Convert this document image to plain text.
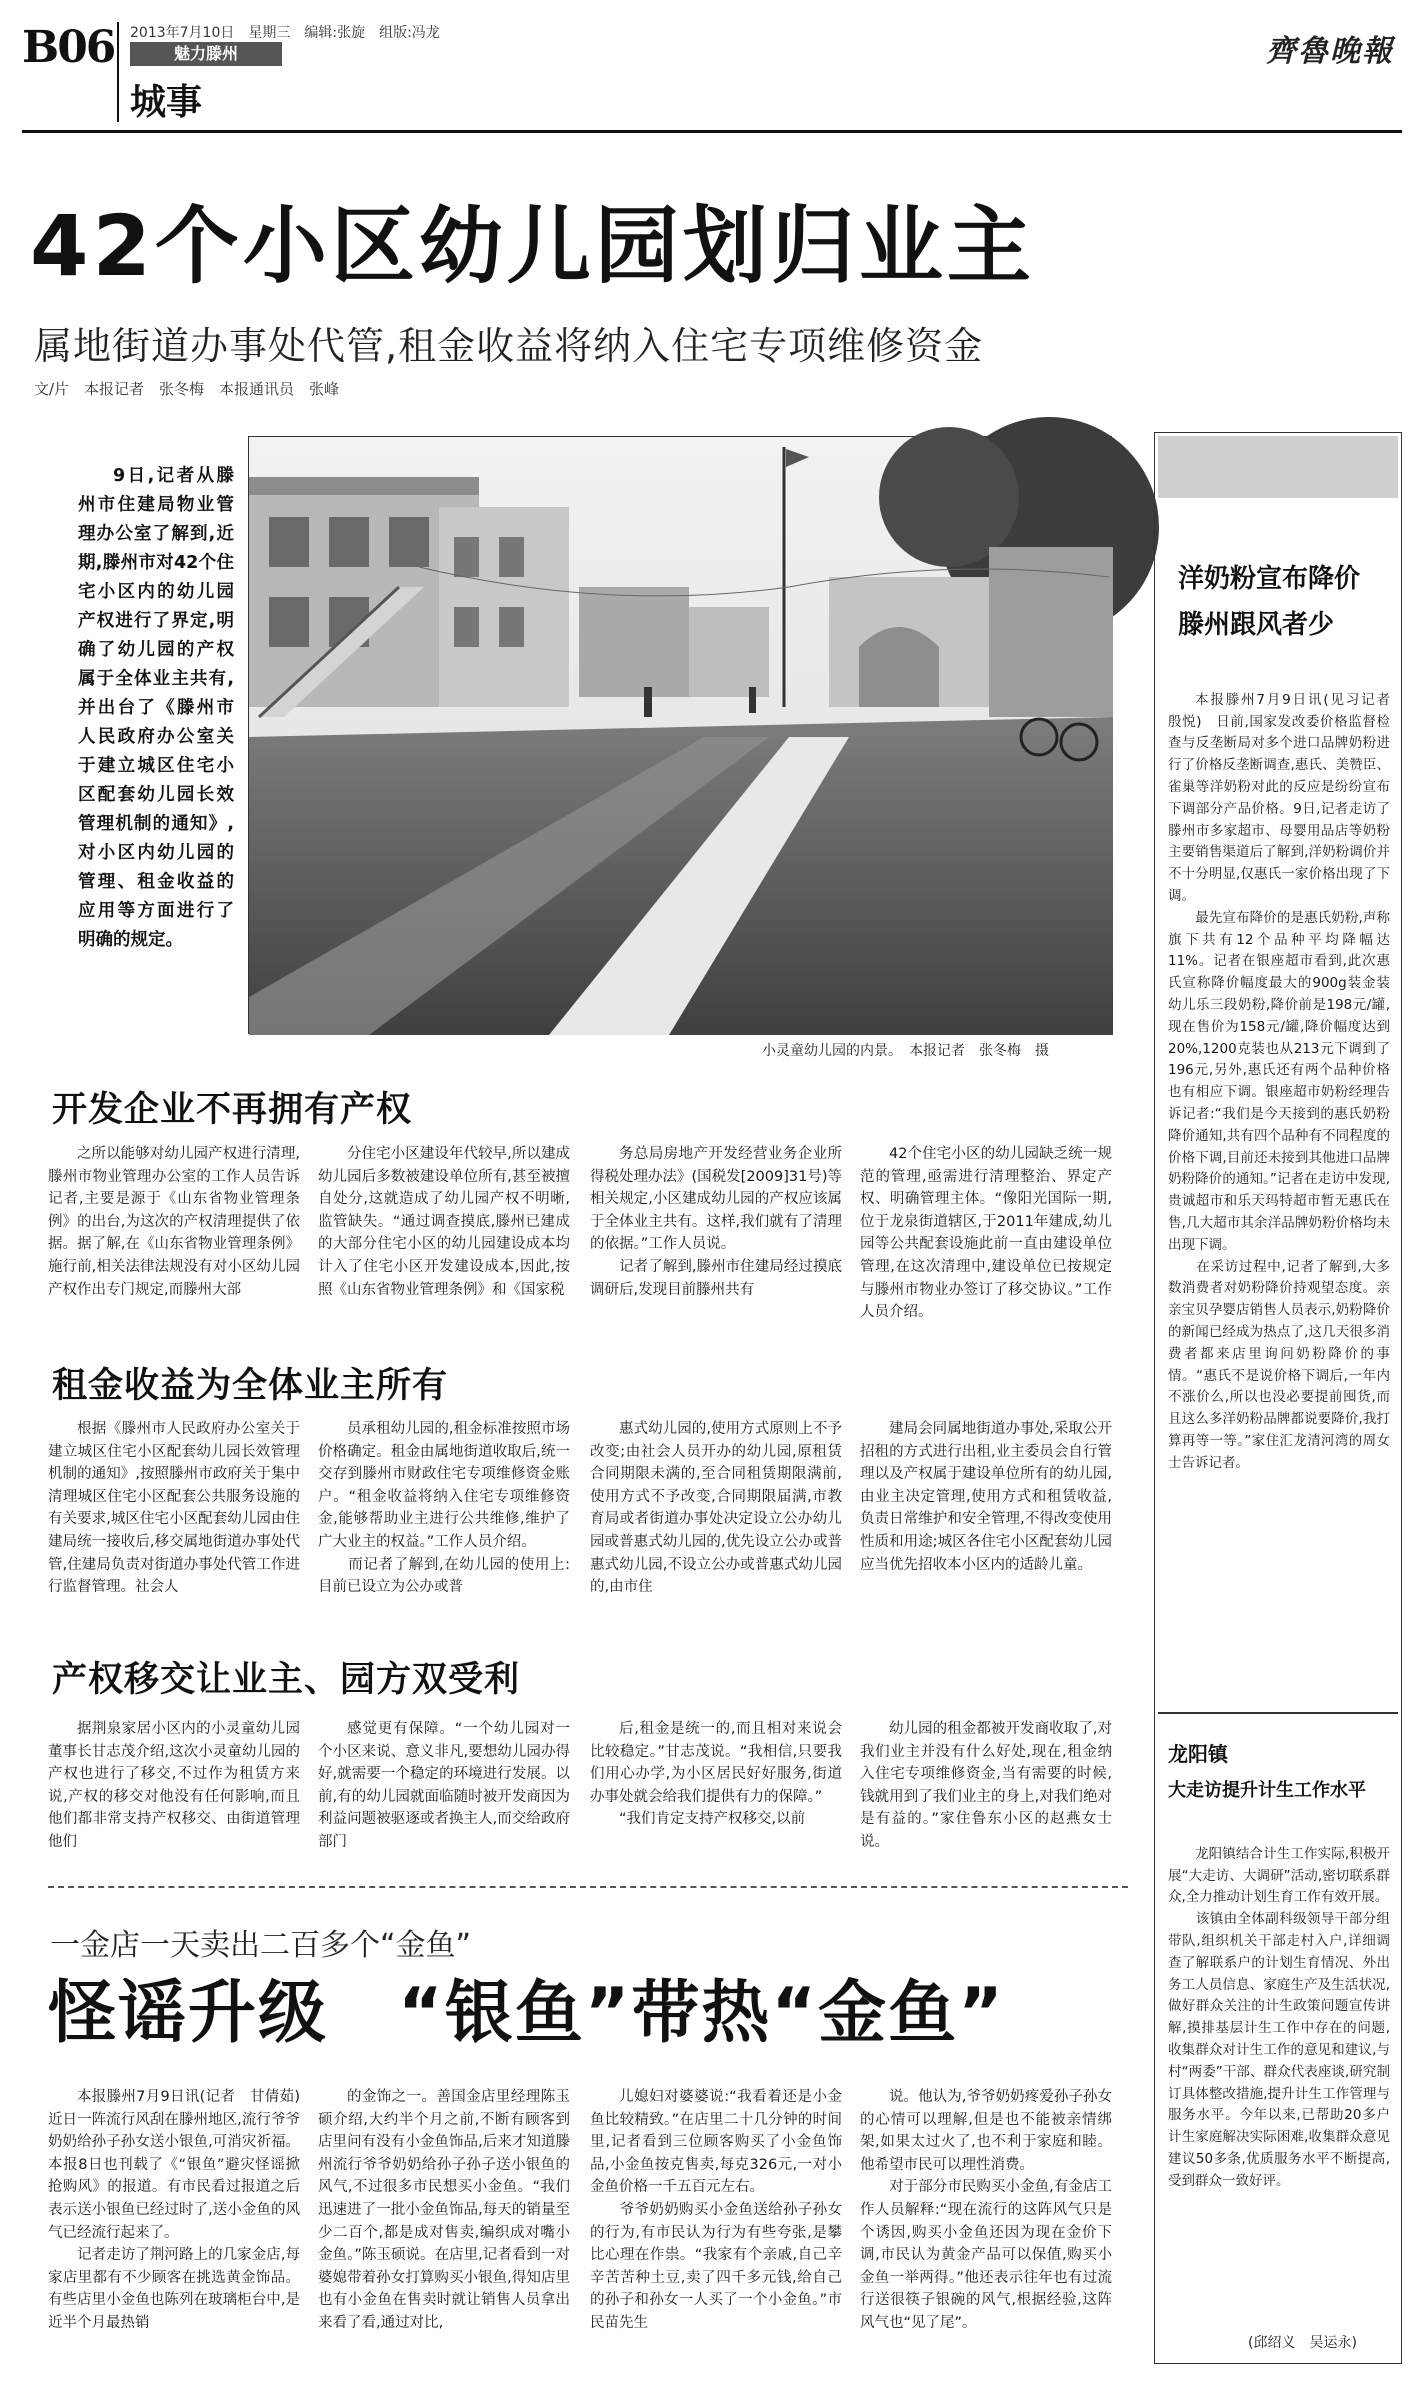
B06 2013年7月10日　星期三　编辑:张旋　组版:冯龙
魅力滕州
城事
齊魯晚報
42个小区幼儿园划归业主
属地街道办事处代管,租金收益将纳入住宅专项维修资金
文/片　本报记者　张冬梅　本报通讯员　张峰

9日,记者从滕州市住建局物业管理办公室了解到,近期,滕州市对42个住宅小区内的幼儿园产权进行了界定,明确了幼儿园的产权属于全体业主共有,并出台了《滕州市人民政府办公室关于建立城区住宅小区配套幼儿园长效管理机制的通知》,对小区内幼儿园的管理、租金收益的应用等方面进行了明确的规定。

小灵童幼儿园的内景。　本报记者　张冬梅　摄
开发企业不再拥有产权

之所以能够对幼儿园产权进行清理,滕州市物业管理办公室的工作人员告诉记者,主要是源于《山东省物业管理条例》的出台,为这次的产权清理提供了依据。据了解,在《山东省物业管理条例》施行前,相关法律法规没有对小区幼儿园产权作出专门规定,而滕州大部

分住宅小区建设年代较早,所以建成幼儿园后多数被建设单位所有,甚至被擅自处分,这就造成了幼儿园产权不明晰,监管缺失。“通过调查摸底,滕州已建成的大部分住宅小区的幼儿园建设成本均计入了住宅小区开发建设成本,因此,按照《山东省物业管理条例》和《国家税

务总局房地产开发经营业务企业所得税处理办法》(国税发[2009]31号)等相关规定,小区建成幼儿园的产权应该属于全体业主共有。这样,我们就有了清理的依据。”工作人员说。
　　记者了解到,滕州市住建局经过摸底调研后,发现目前滕州共有

42个住宅小区的幼儿园缺乏统一规范的管理,亟需进行清理整治、界定产权、明确管理主体。“像阳光国际一期,位于龙泉街道辖区,于2011年建成,幼儿园等公共配套设施此前一直由建设单位管理,在这次清理中,建设单位已按规定与滕州市物业办签订了移交协议。”工作人员介绍。

租金收益为全体业主所有

根据《滕州市人民政府办公室关于建立城区住宅小区配套幼儿园长效管理机制的通知》,按照滕州市政府关于集中清理城区住宅小区配套公共服务设施的有关要求,城区住宅小区配套幼儿园由住建局统一接收后,移交属地街道办事处代管,住建局负责对街道办事处代管工作进行监督管理。社会人

员承租幼儿园的,租金标准按照市场价格确定。租金由属地街道收取后,统一交存到滕州市财政住宅专项维修资金账户。“租金收益将纳入住宅专项维修资金,能够帮助业主进行公共维修,维护了广大业主的权益。”工作人员介绍。
　　而记者了解到,在幼儿园的使用上:目前已设立为公办或普

惠式幼儿园的,使用方式原则上不予改变;由社会人员开办的幼儿园,原租赁合同期限未满的,至合同租赁期限满前,使用方式不予改变,合同期限届满,市教育局或者街道办事处决定设立公办幼儿园或普惠式幼儿园的,优先设立公办或普惠式幼儿园,不设立公办或普惠式幼儿园的,由市住

建局会同属地街道办事处,采取公开招租的方式进行出租,业主委员会自行管理以及产权属于建设单位所有的幼儿园,由业主决定管理,使用方式和租赁收益,负责日常维护和安全管理,不得改变使用性质和用途;城区各住宅小区配套幼儿园应当优先招收本小区内的适龄儿童。

产权移交让业主、园方双受利

据荆泉家居小区内的小灵童幼儿园董事长甘志茂介绍,这次小灵童幼儿园的产权也进行了移交,不过作为租赁方来说,产权的移交对他没有任何影响,而且他们都非常支持产权移交、由街道管理他们

感觉更有保障。“一个幼儿园对一个小区来说、意义非凡,要想幼儿园办得好,就需要一个稳定的环境进行发展。以前,有的幼儿园就面临随时被开发商因为利益问题被驱逐或者换主人,而交给政府部门

后,租金是统一的,而且相对来说会比较稳定。”甘志茂说。“我相信,只要我们用心办学,为小区居民好好服务,街道办事处就会给我们提供有力的保障。”
　　“我们肯定支持产权移交,以前

幼儿园的租金都被开发商收取了,对我们业主并没有什么好处,现在,租金纳入住宅专项维修资金,当有需要的时候,钱就用到了我们业主的身上,对我们绝对是有益的。”家住鲁东小区的赵燕女士说。

一金店一天卖出二百多个“金鱼”
怪谣升级　“银鱼”带热“金鱼”

本报滕州7月9日讯(记者　甘倩茹)　近日一阵流行风刮在滕州地区,流行爷爷奶奶给孙子孙女送小银鱼,可消灾祈福。本报8日也刊载了《“银鱼”避灾怪谣掀抢购风》的报道。有市民看过报道之后表示送小银鱼已经过时了,送小金鱼的风气已经流行起来了。
　　记者走访了荆河路上的几家金店,每家店里都有不少顾客在挑选黄金饰品。有些店里小金鱼也陈列在玻璃柜台中,是近半个月最热销

的金饰之一。善国金店里经理陈玉硕介绍,大约半个月之前,不断有顾客到店里问有没有小金鱼饰品,后来才知道滕州流行爷爷奶奶给孙子孙子送小银鱼的风气,不过很多市民想买小金鱼。“我们迅速进了一批小金鱼饰品,每天的销量至少二百个,都是成对售卖,编织成对嘴小金鱼。”陈玉硕说。在店里,记者看到一对婆媳带着孙女打算购买小银鱼,得知店里也有小金鱼在售卖时就让销售人员拿出来看了看,通过对比,

儿媳妇对婆婆说:“我看着还是小金鱼比较精致。”在店里二十几分钟的时间里,记者看到三位顾客购买了小金鱼饰品,小金鱼按克售卖,每克326元,一对小金鱼价格一千五百元左右。
　　爷爷奶奶购买小金鱼送给孙子孙女的行为,有市民认为行为有些夸张,是攀比心理在作祟。“我家有个亲戚,自己辛辛苦苦种土豆,卖了四千多元钱,给自己的孙子和孙女一人买了一个小金鱼。”市民苗先生

说。他认为,爷爷奶奶疼爱孙子孙女的心情可以理解,但是也不能被亲情绑架,如果太过火了,也不利于家庭和睦。他希望市民可以理性消费。
　　对于部分市民购买小金鱼,有金店工作人员解释:“现在流行的这阵风气只是个诱因,购买小金鱼还因为现在金价下调,市民认为黄金产品可以保值,购买小金鱼一举两得。”他还表示往年也有过流行送很筷子银碗的风气,根据经验,这阵风气也“见了尾”。

洋奶粉宣布降价
滕州跟风者少

本报滕州7月9日讯(见习记者　殷悦)　日前,国家发改委价格监督检查与反垄断局对多个进口品牌奶粉进行了价格反垄断调查,惠氏、美赞臣、雀巢等洋奶粉对此的反应是纷纷宣布下调部分产品价格。9日,记者走访了滕州市多家超市、母婴用品店等奶粉主要销售渠道后了解到,洋奶粉调价并不十分明显,仅惠氏一家价格出现了下调。
　　最先宣布降价的是惠氏奶粉,声称旗下共有12个品种平均降幅达11%。记者在银座超市看到,此次惠氏宣称降价幅度最大的900g装金装幼儿乐三段奶粉,降价前是198元/罐,现在售价为158元/罐,降价幅度达到20%,1200克装也从213元下调到了196元,另外,惠氏还有两个品种价格也有相应下调。银座超市奶粉经理告诉记者:“我们是今天接到的惠氏奶粉降价通知,共有四个品种有不同程度的价格下调,目前还未接到其他进口品牌奶粉降价的通知。”记者在走访中发现,贵诚超市和乐天玛特超市暂无惠氏在售,几大超市其余洋品牌奶粉价格均未出现下调。
　　在采访过程中,记者了解到,大多数消费者对奶粉降价持观望态度。亲亲宝贝孕婴店销售人员表示,奶粉降价的新闻已经成为热点了,这几天很多消费者都来店里询问奶粉降价的事情。“惠氏不是说价格下调后,一年内不涨价么,所以也没必要提前囤货,而且这么多洋奶粉品牌都说要降价,我打算再等一等。”家住汇龙清河湾的周女士告诉记者。

龙阳镇
大走访提升计生工作水平

龙阳镇结合计生工作实际,积极开展“大走访、大调研”活动,密切联系群众,全力推动计划生育工作有效开展。
　　该镇由全体副科级领导干部分组带队,组织机关干部走村入户,详细调查了解联系户的计划生育情况、外出务工人员信息、家庭生产及生活状况,做好群众关注的计生政策问题宣传讲解,摸排基层计生工作中存在的问题,收集群众对计生工作的意见和建议,与村“两委”干部、群众代表座谈,研究制订具体整改措施,提升计生工作管理与服务水平。今年以来,已帮助20多户计生家庭解决实际困难,收集群众意见建议50多条,优质服务水平不断提高,受到群众一致好评。

(邱绍义　吴运永)
